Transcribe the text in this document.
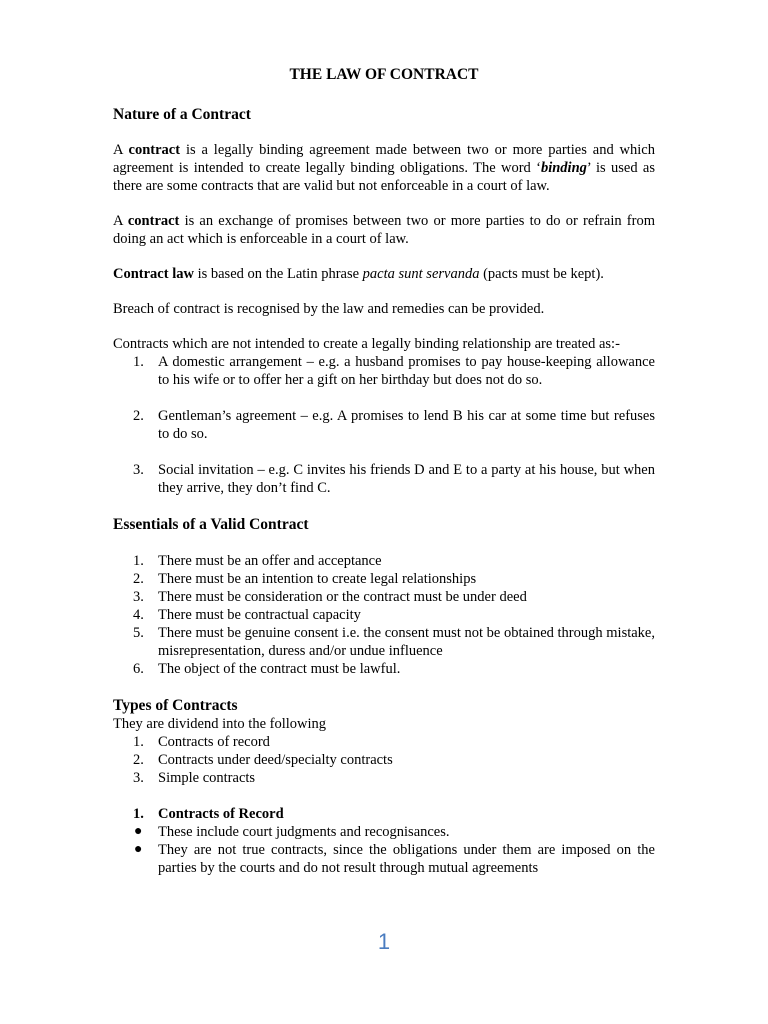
THE LAW OF CONTRACT
Nature of a Contract

A contract is a legally binding agreement made between two or more parties and which agreement is intended to create legally binding obligations. The word ‘binding’ is used as there are some contracts that are valid but not enforceable in a court of law.

A contract is an exchange of promises between two or more parties to do or refrain from doing an act which is enforceable in a court of law.

Contract law is based on the Latin phrase pacta sunt servanda (pacts must be kept).

Breach of contract is recognised by the law and remedies can be provided.

Contracts which are not intended to create a legally binding relationship are treated as:-

1. A domestic arrangement – e.g. a husband promises to pay house-keeping allowance to his wife or to offer her a gift on her birthday but does not do so.
2. Gentleman’s agreement – e.g. A promises to lend B his car at some time but refuses to do so.
3. Social invitation – e.g. C invites his friends D and E to a party at his house, but when they arrive, they don’t find C.
Essentials of a Valid Contract
1. There must be an offer and acceptance
2. There must be an intention to create legal relationships
3. There must be consideration or the contract must be under deed
4. There must be contractual capacity
5. There must be genuine consent i.e. the consent must not be obtained through mistake, misrepresentation, duress and/or undue influence
6. The object of the contract must be lawful.
Types of Contracts

They are dividend into the following

1. Contracts of record
2. Contracts under deed/specialty contracts
3. Simple contracts
1. Contracts of Record
● These include court judgments and recognisances.
● They are not true contracts, since the obligations under them are imposed on the parties by the courts and do not result through mutual agreements
1
